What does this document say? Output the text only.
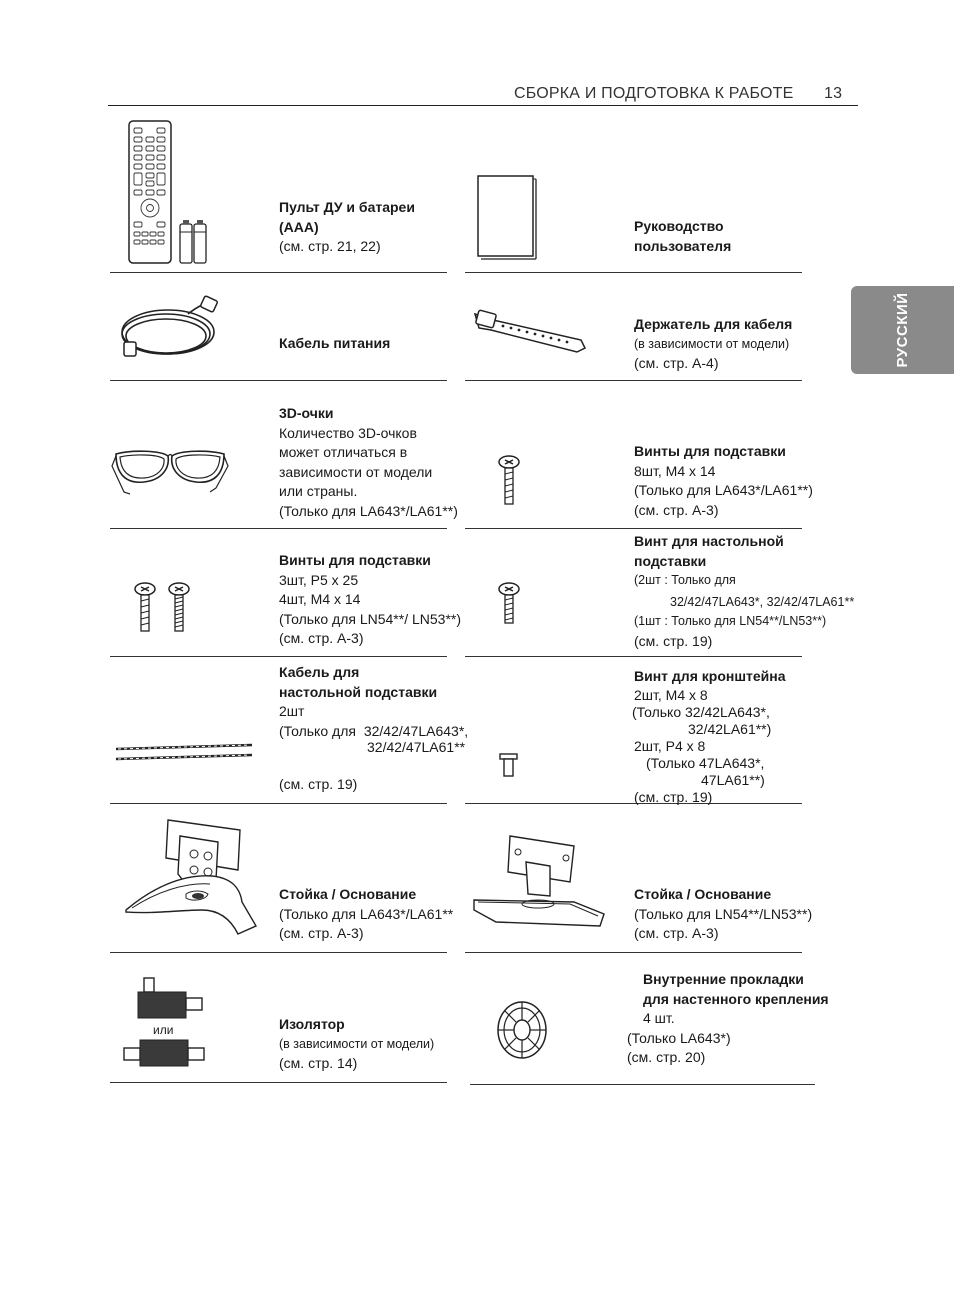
СБОРКА И ПОДГОТОВКА К РАБОТЕ 13
РУССКИЙ
Пульт ДУ и батареи
(AAA)
(см. стр. 21, 22)
Руководство
пользователя
Кабель питания
Держатель для кабеля
(в зависимости от модели)
(см. стр. A-4)
3D-очки
Количество 3D-очков
может отличаться в
зависимости от модели
или страны.
(Только для LA643*/LA61**)
Винты для подставки
8шт, M4 x 14
(Только для LA643*/LA61**)
(см. стр. A-3)
Винты для подставки
3шт, P5 x 25
4шт, M4 x 14
(Только для LN54**/ LN53**)
(см. стр. A-3)
Винт для настольной
подставки
(2шт : Только для
32/42/47LA643*, 32/42/47LA61**
(1шт : Только для LN54**/LN53**)
(см. стр. 19)
Кабель для
настольной подставки
2шт
(Только для 32/42/47LA643*,
32/42/47LA61**
(см. стр. 19)
Винт для кронштейна
2шт, M4 x 8
(Только 32/42LA643*,
32/42LA61**)
2шт, P4 x 8
(Только 47LA643*,
47LA61**)
(см. стр. 19)
Стойка / Основание
(Только для LA643*/LA61**
(см. стр. A-3)
Стойка / Основание
(Только для LN54**/LN53**)
(см. стр. A-3)
или	Изолятор
(в зависимости от модели)
(см. стр. 14)
Внутренние прокладки
для настенного крепления
4 шт.
(Только LA643*)
(см. стр. 20)
